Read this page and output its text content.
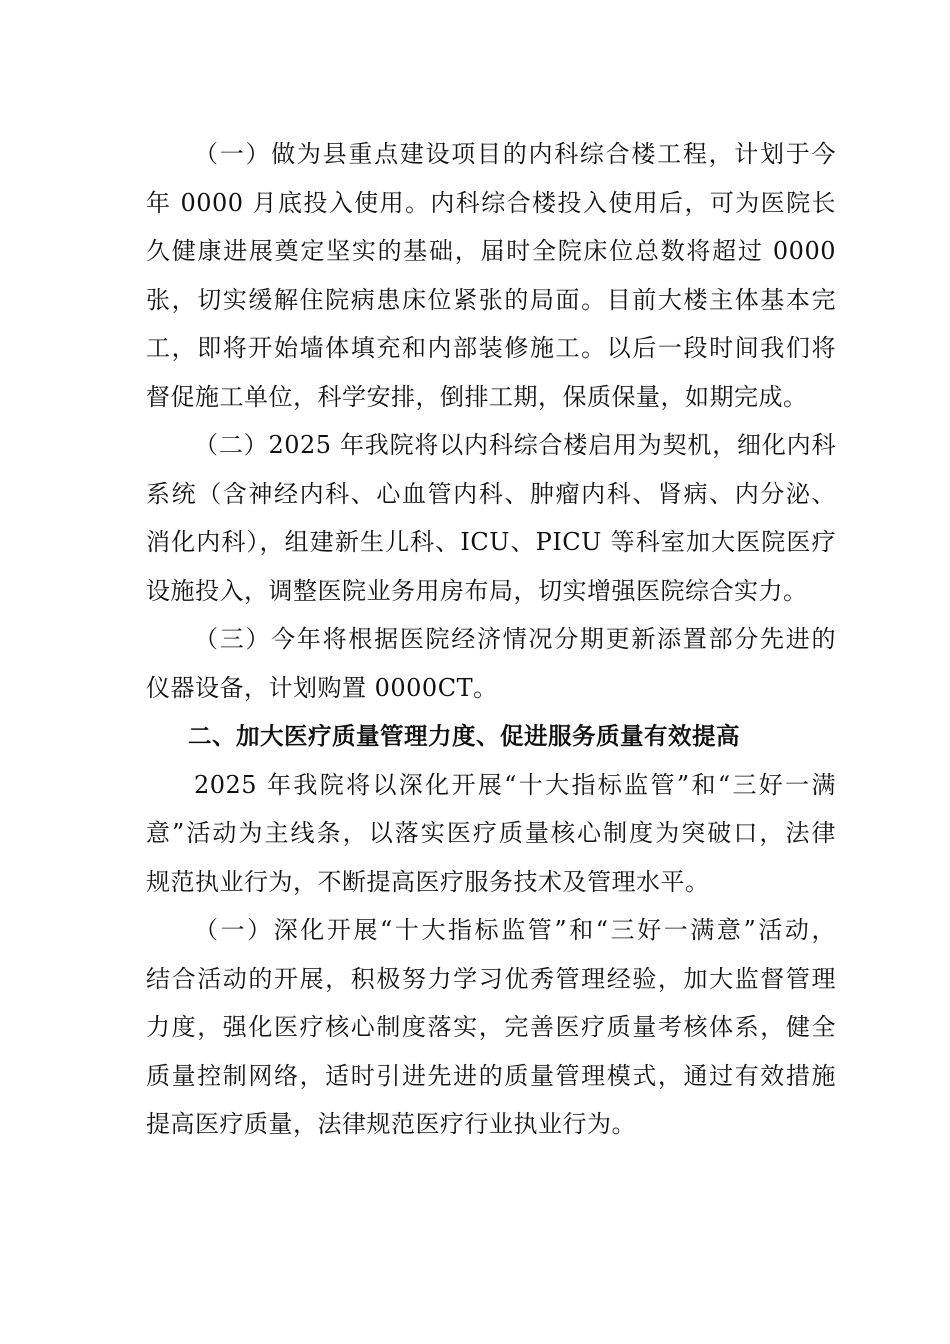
（一）做为县重点建设项目的内科综合楼工程，计划于今
年 0000 月底投入使用。内科综合楼投入使用后，可为医院长
久健康进展奠定坚实的基础，届时全院床位总数将超过 0000
张，切实缓解住院病患床位紧张的局面。目前大楼主体基本完
工，即将开始墙体填充和内部装修施工。以后一段时间我们将
督促施工单位，科学安排，倒排工期，保质保量，如期完成。
（二）2025 年我院将以内科综合楼启用为契机，细化内科
系统（含神经内科、心血管内科、肿瘤内科、肾病、内分泌、
消化内科），组建新生儿科、ICU、PICU 等科室加大医院医疗
设施投入，调整医院业务用房布局，切实增强医院综合实力。
（三）今年将根据医院经济情况分期更新添置部分先进的
仪器设备，计划购置 0000CT。
二、加大医疗质量管理力度、促进服务质量有效提高
2025 年我院将以深化开展“十大指标监管”和“三好一满
意”活动为主线条，以落实医疗质量核心制度为突破口，法律
规范执业行为，不断提高医疗服务技术及管理水平。
（一）深化开展“十大指标监管”和“三好一满意”活动，
结合活动的开展，积极努力学习优秀管理经验，加大监督管理
力度，强化医疗核心制度落实，完善医疗质量考核体系，健全
质量控制网络，适时引进先进的质量管理模式，通过有效措施
提高医疗质量，法律规范医疗行业执业行为。
